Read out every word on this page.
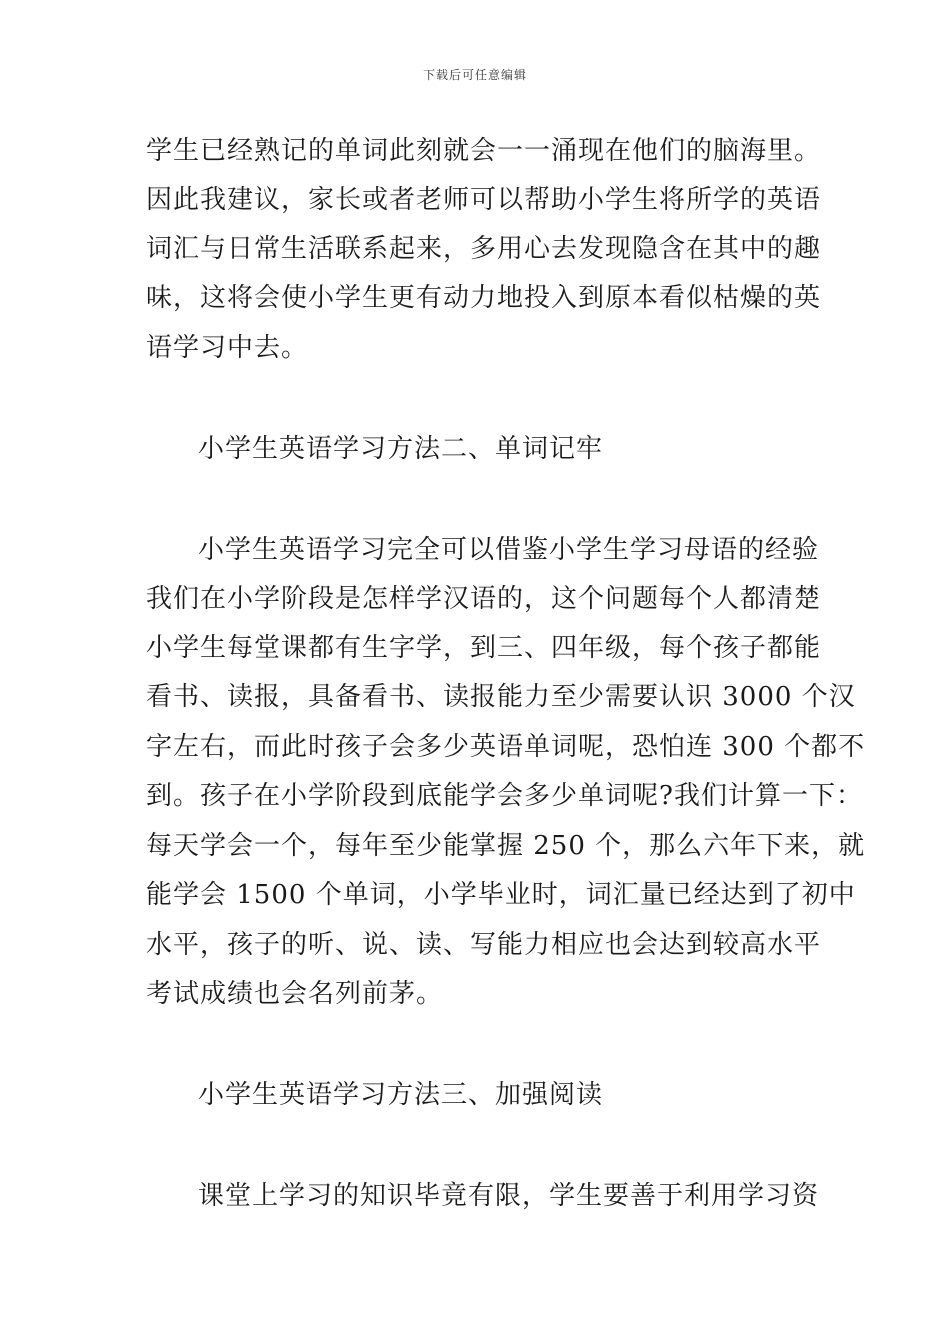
下载后可任意编辑
学生已经熟记的单词此刻就会一一涌现在他们的脑海里。
因此我建议，家长或者老师可以帮助小学生将所学的英语
词汇与日常生活联系起来，多用心去发现隐含在其中的趣
味，这将会使小学生更有动力地投入到原本看似枯燥的英
语学习中去。
小学生英语学习方法二、单词记牢
小学生英语学习完全可以借鉴小学生学习母语的经验
我们在小学阶段是怎样学汉语的，这个问题每个人都清楚
小学生每堂课都有生字学，到三、四年级，每个孩子都能
看书、读报，具备看书、读报能力至少需要认识 3000 个汉
字左右，而此时孩子会多少英语单词呢，恐怕连 300 个都不
到。孩子在小学阶段到底能学会多少单词呢?我们计算一下：
每天学会一个，每年至少能掌握 250 个，那么六年下来，就
能学会 1500 个单词，小学毕业时，词汇量已经达到了初中
水平，孩子的听、说、读、写能力相应也会达到较高水平
考试成绩也会名列前茅。
小学生英语学习方法三、加强阅读
课堂上学习的知识毕竟有限，学生要善于利用学习资
